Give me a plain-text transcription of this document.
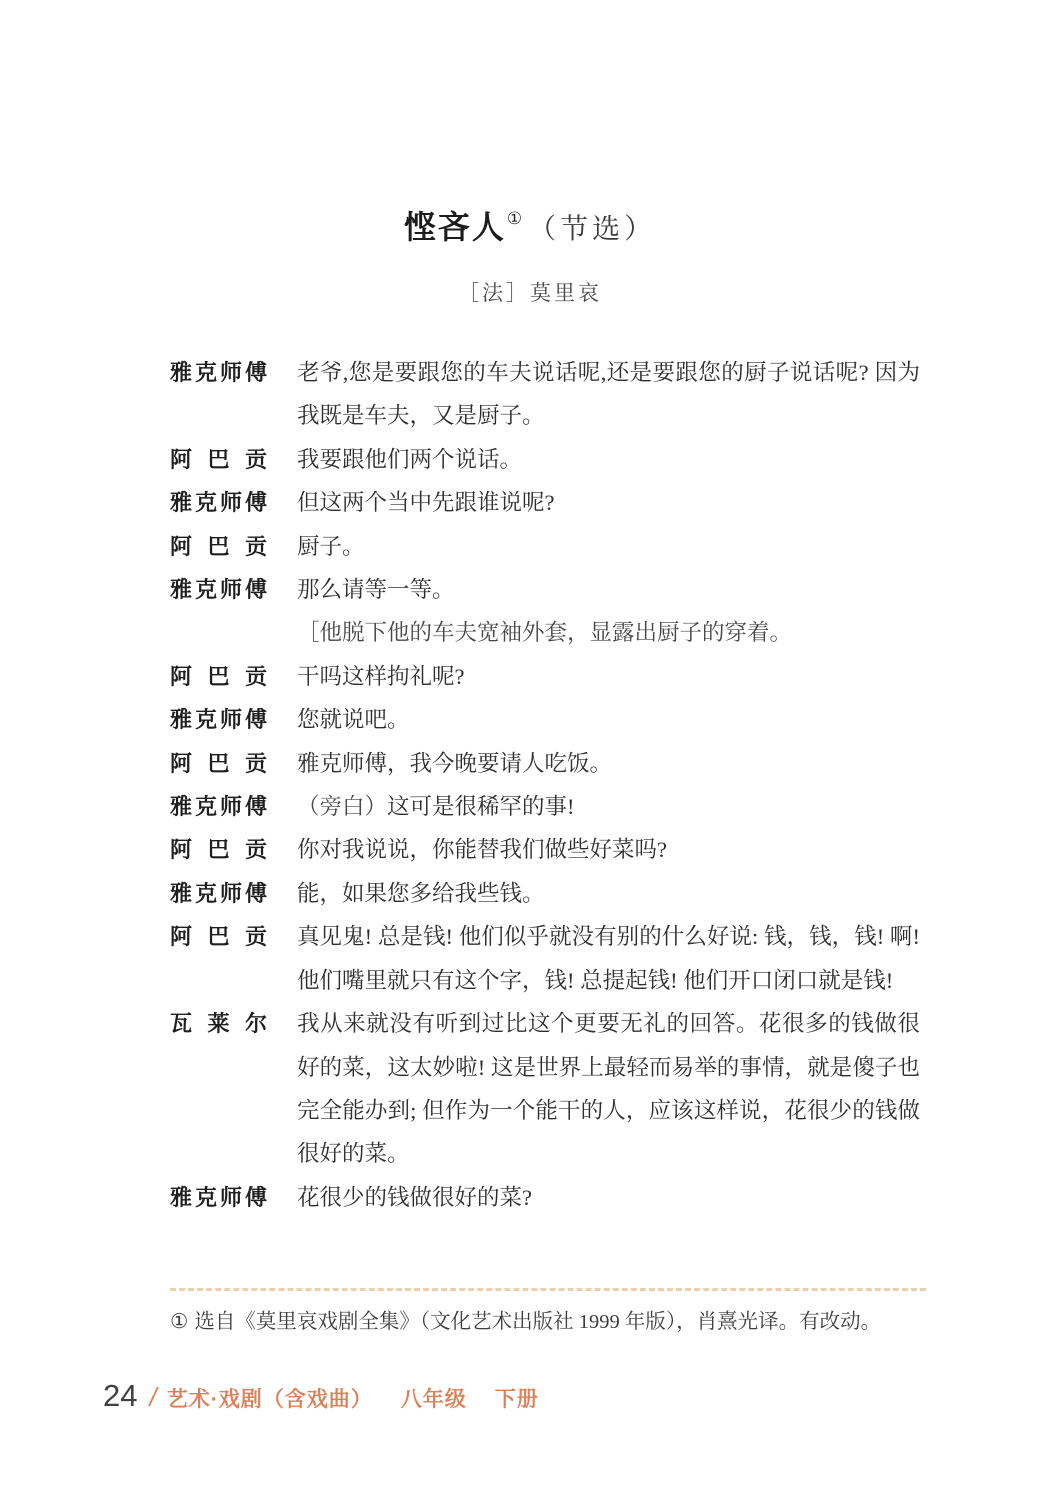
悭吝人① （节选）
［法］莫里哀
雅克师傅 老爷,您是要跟您的车夫说话呢,还是要跟您的厨子说话呢? 因为我既是车夫，又是厨子。
阿巴贡 我要跟他们两个说话。
雅克师傅 但这两个当中先跟谁说呢?
阿巴贡 厨子。
雅克师傅 那么请等一等。
［他脱下他的车夫宽袖外套，显露出厨子的穿着。
阿巴贡 干吗这样拘礼呢?
雅克师傅 您就说吧。
阿巴贡 雅克师傅，我今晚要请人吃饭。
雅克师傅 （旁白）这可是很稀罕的事!
阿巴贡 你对我说说，你能替我们做些好菜吗?
雅克师傅 能，如果您多给我些钱。
阿巴贡 真见鬼! 总是钱! 他们似乎就没有别的什么好说: 钱，钱，钱! 啊! 他们嘴里就只有这个字，钱! 总提起钱! 他们开口闭口就是钱!
瓦莱尔 我从来就没有听到过比这个更要无礼的回答。花很多的钱做很好的菜，这太妙啦! 这是世界上最轻而易举的事情，就是傻子也完全能办到; 但作为一个能干的人，应该这样说，花很少的钱做很好的菜。
雅克师傅 花很少的钱做很好的菜?
① 选自《莫里哀戏剧全集》（文化艺术出版社 1999 年版），肖熹光译。有改动。
24 / 艺术·戏剧（含戏曲） 八年级 下册
